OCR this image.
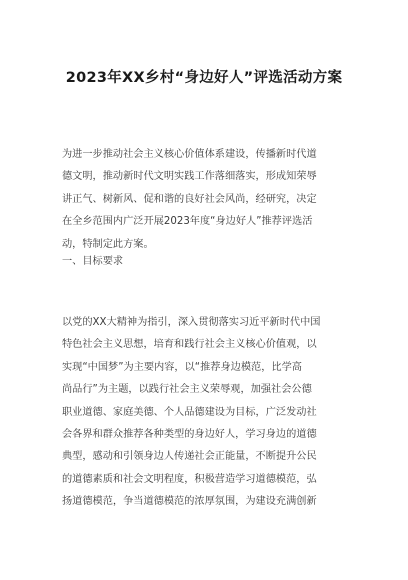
2023年XX乡村“身边好人”评选活动方案
为进一步推动社会主义核心价值体系建设，传播新时代道
德文明，推动新时代文明实践工作落细落实，形成知荣辱
讲正气、树新风、促和谐的良好社会风尚，经研究，决定
在全乡范围内广泛开展2023年度“身边好人”推荐评选活
动，特制定此方案。
一、目标要求
以党的XX大精神为指引，深入贯彻落实习近平新时代中国
特色社会主义思想，培育和践行社会主义核心价值观，以
实现“中国梦”为主要内容，以“推荐身边模范，比学高
尚品行”为主题，以践行社会主义荣辱观，加强社会公德
职业道德、家庭美德、个人品德建设为目标，广泛发动社
会各界和群众推荐各种类型的身边好人，学习身边的道德
典型，感动和引领身边人传递社会正能量，不断提升公民
的道德素质和社会文明程度，积极营造学习道德模范，弘
扬道德模范，争当道德模范的浓厚氛围，为建设充满创新
